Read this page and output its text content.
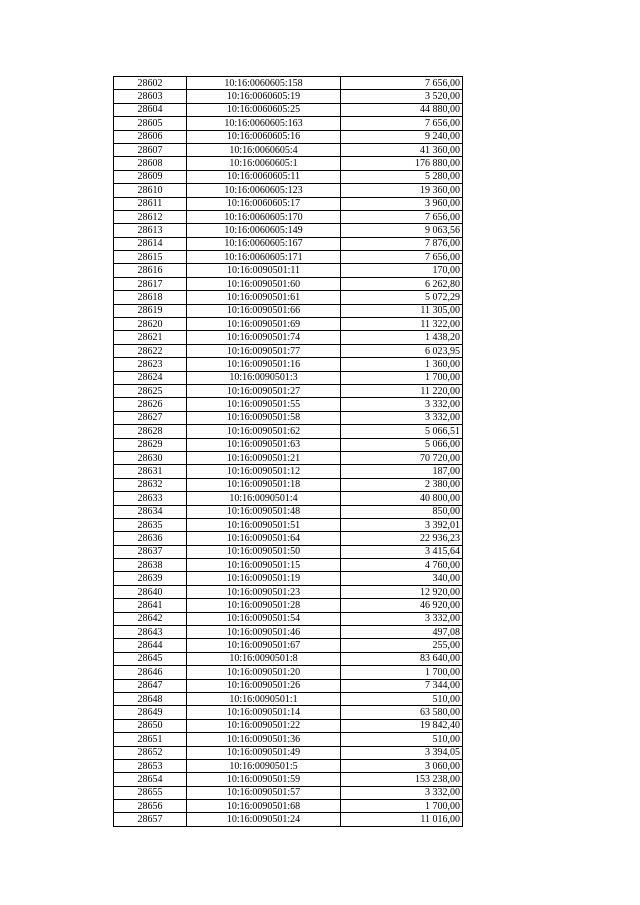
28602	10:16:0060605:158	7 656,00
28603	10:16:0060605:19	3 520,00
28604	10:16:0060605:25	44 880,00
28605	10:16:0060605:163	7 656,00
28606	10:16:0060605:16	9 240,00
28607	10:16:0060605:4	41 360,00
28608	10:16:0060605:1	176 880,00
28609	10:16:0060605:11	5 280,00
28610	10:16:0060605:123	19 360,00
28611	10:16:0060605:17	3 960,00
28612	10:16:0060605:170	7 656,00
28613	10:16:0060605:149	9 063,56
28614	10:16:0060605:167	7 876,00
28615	10:16:0060605:171	7 656,00
28616	10:16:0090501:11	170,00
28617	10:16:0090501:60	6 262,80
28618	10:16:0090501:61	5 072,29
28619	10:16:0090501:66	11 305,00
28620	10:16:0090501:69	11 322,00
28621	10:16:0090501:74	1 438,20
28622	10:16:0090501:77	6 023,95
28623	10:16:0090501:16	1 360,00
28624	10:16:0090501:3	1 700,00
28625	10:16:0090501:27	11 220,00
28626	10:16:0090501:55	3 332,00
28627	10:16:0090501:58	3 332,00
28628	10:16:0090501:62	5 066,51
28629	10:16:0090501:63	5 066,00
28630	10:16:0090501:21	70 720,00
28631	10:16:0090501:12	187,00
28632	10:16:0090501:18	2 380,00
28633	10:16:0090501:4	40 800,00
28634	10:16:0090501:48	850,00
28635	10:16:0090501:51	3 392,01
28636	10:16:0090501:64	22 936,23
28637	10:16:0090501:50	3 415,64
28638	10:16:0090501:15	4 760,00
28639	10:16:0090501:19	340,00
28640	10:16:0090501:23	12 920,00
28641	10:16:0090501:28	46 920,00
28642	10:16:0090501:54	3 332,00
28643	10:16:0090501:46	497,08
28644	10:16:0090501:67	255,00
28645	10:16:0090501:8	83 640,00
28646	10:16:0090501:20	1 700,00
28647	10:16:0090501:26	7 344,00
28648	10:16:0090501:1	510,00
28649	10:16:0090501:14	63 580,00
28650	10:16:0090501:22	19 842,40
28651	10:16:0090501:36	510,00
28652	10:16:0090501:49	3 394,05
28653	10:16:0090501:5	3 060,00
28654	10:16:0090501:59	153 238,00
28655	10:16:0090501:57	3 332,00
28656	10:16:0090501:68	1 700,00
28657	10:16:0090501:24	11 016,00
